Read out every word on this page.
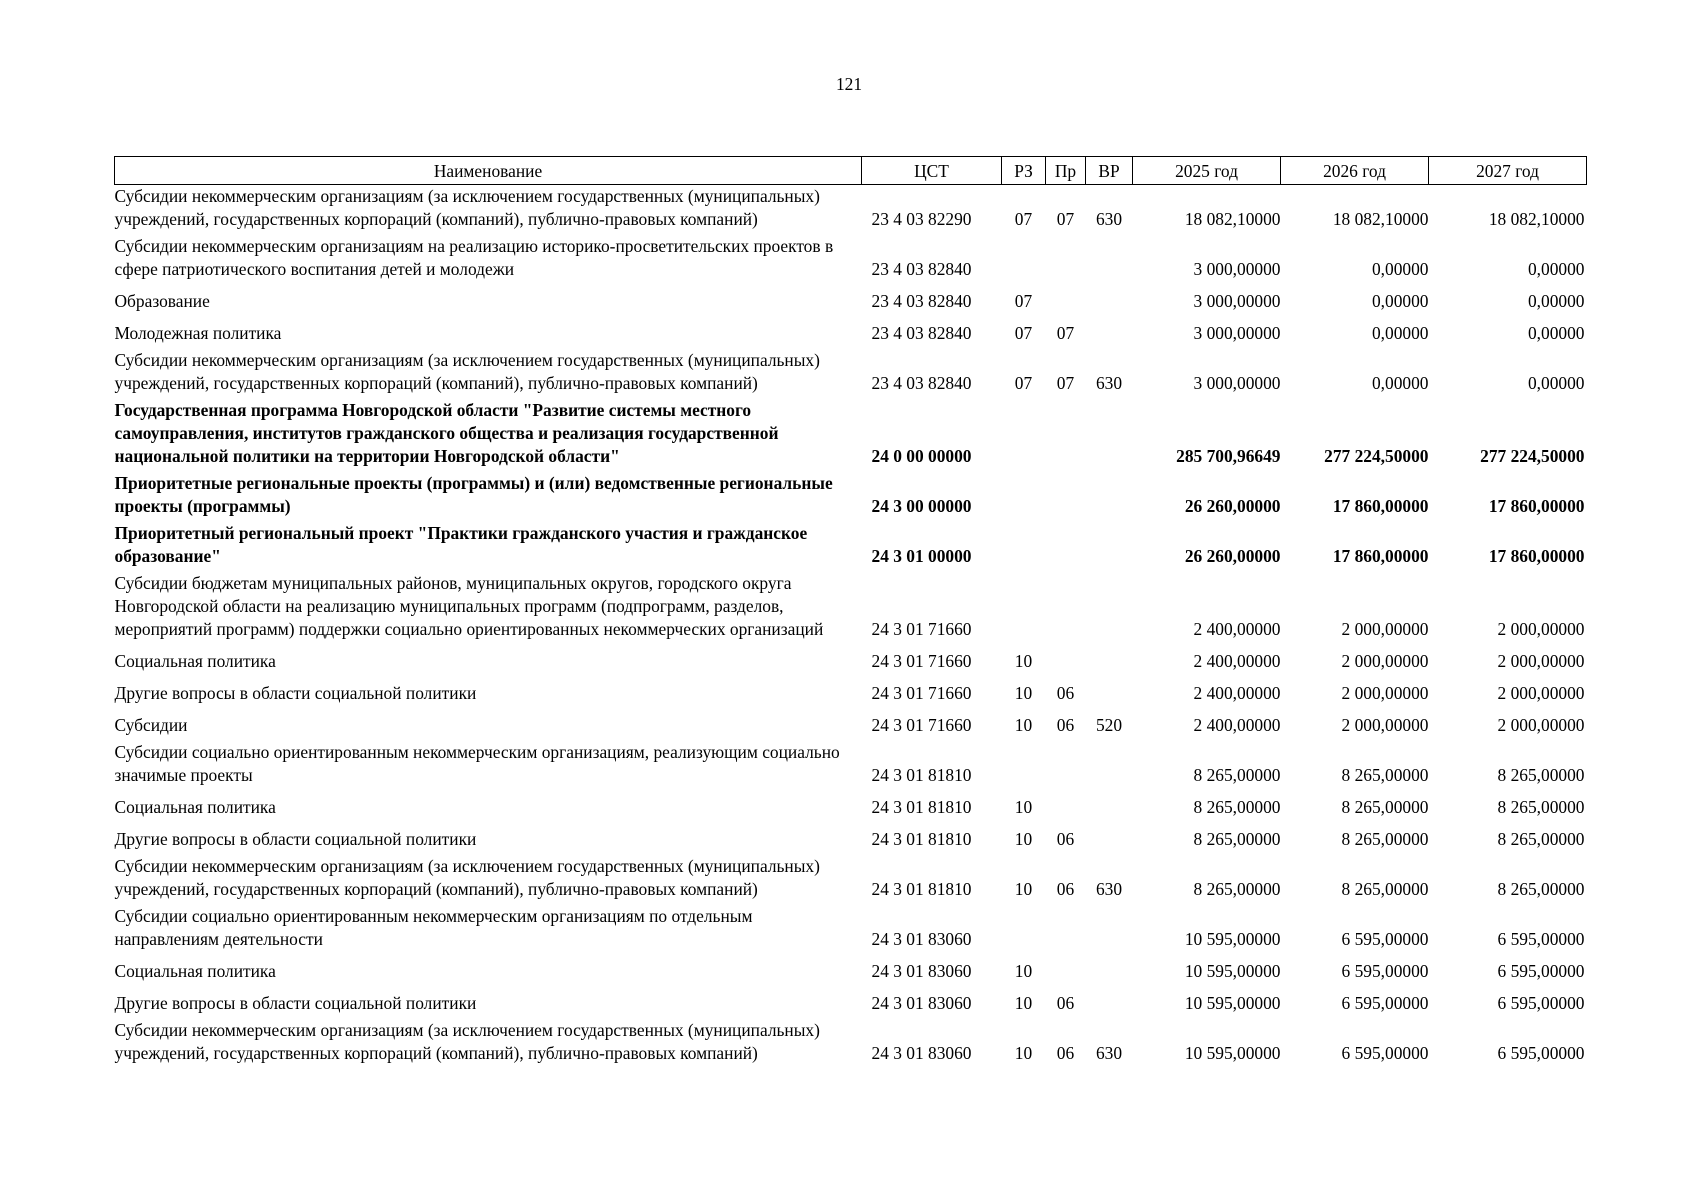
121
Наименование	ЦСТ	РЗ	Пр	ВР	2025 год	2026 год	2027 год
Субсидии некоммерческим организациям (за исключением государственных (муниципальных) учреждений, государственных корпораций (компаний), публично-правовых компаний)	23 4 03 82290	07	07	630	18 082,10000	18 082,10000	18 082,10000
Субсидии некоммерческим организациям на реализацию историко-просветительских проектов в сфере патриотического воспитания детей и молодежи	23 4 03 82840				3 000,00000	0,00000	0,00000
Образование	23 4 03 82840	07			3 000,00000	0,00000	0,00000
Молодежная политика	23 4 03 82840	07	07		3 000,00000	0,00000	0,00000
Субсидии некоммерческим организациям (за исключением государственных (муниципальных) учреждений, государственных корпораций (компаний), публично-правовых компаний)	23 4 03 82840	07	07	630	3 000,00000	0,00000	0,00000
Государственная программа Новгородской области "Развитие системы местного самоуправления, институтов гражданского общества и реализация государственной национальной политики на территории Новгородской области"	24 0 00 00000				285 700,96649	277 224,50000	277 224,50000
Приоритетные региональные проекты (программы) и (или) ведомственные региональные проекты (программы)	24 3 00 00000				26 260,00000	17 860,00000	17 860,00000
Приоритетный региональный проект "Практики гражданского участия и гражданское образование"	24 3 01 00000				26 260,00000	17 860,00000	17 860,00000
Субсидии бюджетам муниципальных районов, муниципальных округов, городского округа Новгородской области на реализацию муниципальных программ (подпрограмм, разделов, мероприятий программ) поддержки социально ориентированных некоммерческих организаций	24 3 01 71660				2 400,00000	2 000,00000	2 000,00000
Социальная политика	24 3 01 71660	10			2 400,00000	2 000,00000	2 000,00000
Другие вопросы в области социальной политики	24 3 01 71660	10	06		2 400,00000	2 000,00000	2 000,00000
Субсидии	24 3 01 71660	10	06	520	2 400,00000	2 000,00000	2 000,00000
Субсидии социально ориентированным некоммерческим организациям, реализующим социально значимые проекты	24 3 01 81810				8 265,00000	8 265,00000	8 265,00000
Социальная политика	24 3 01 81810	10			8 265,00000	8 265,00000	8 265,00000
Другие вопросы в области социальной политики	24 3 01 81810	10	06		8 265,00000	8 265,00000	8 265,00000
Субсидии некоммерческим организациям (за исключением государственных (муниципальных) учреждений, государственных корпораций (компаний), публично-правовых компаний)	24 3 01 81810	10	06	630	8 265,00000	8 265,00000	8 265,00000
Субсидии социально ориентированным некоммерческим организациям по отдельным направлениям деятельности	24 3 01 83060				10 595,00000	6 595,00000	6 595,00000
Социальная политика	24 3 01 83060	10			10 595,00000	6 595,00000	6 595,00000
Другие вопросы в области социальной политики	24 3 01 83060	10	06		10 595,00000	6 595,00000	6 595,00000
Субсидии некоммерческим организациям (за исключением государственных (муниципальных) учреждений, государственных корпораций (компаний), публично-правовых компаний)	24 3 01 83060	10	06	630	10 595,00000	6 595,00000	6 595,00000
